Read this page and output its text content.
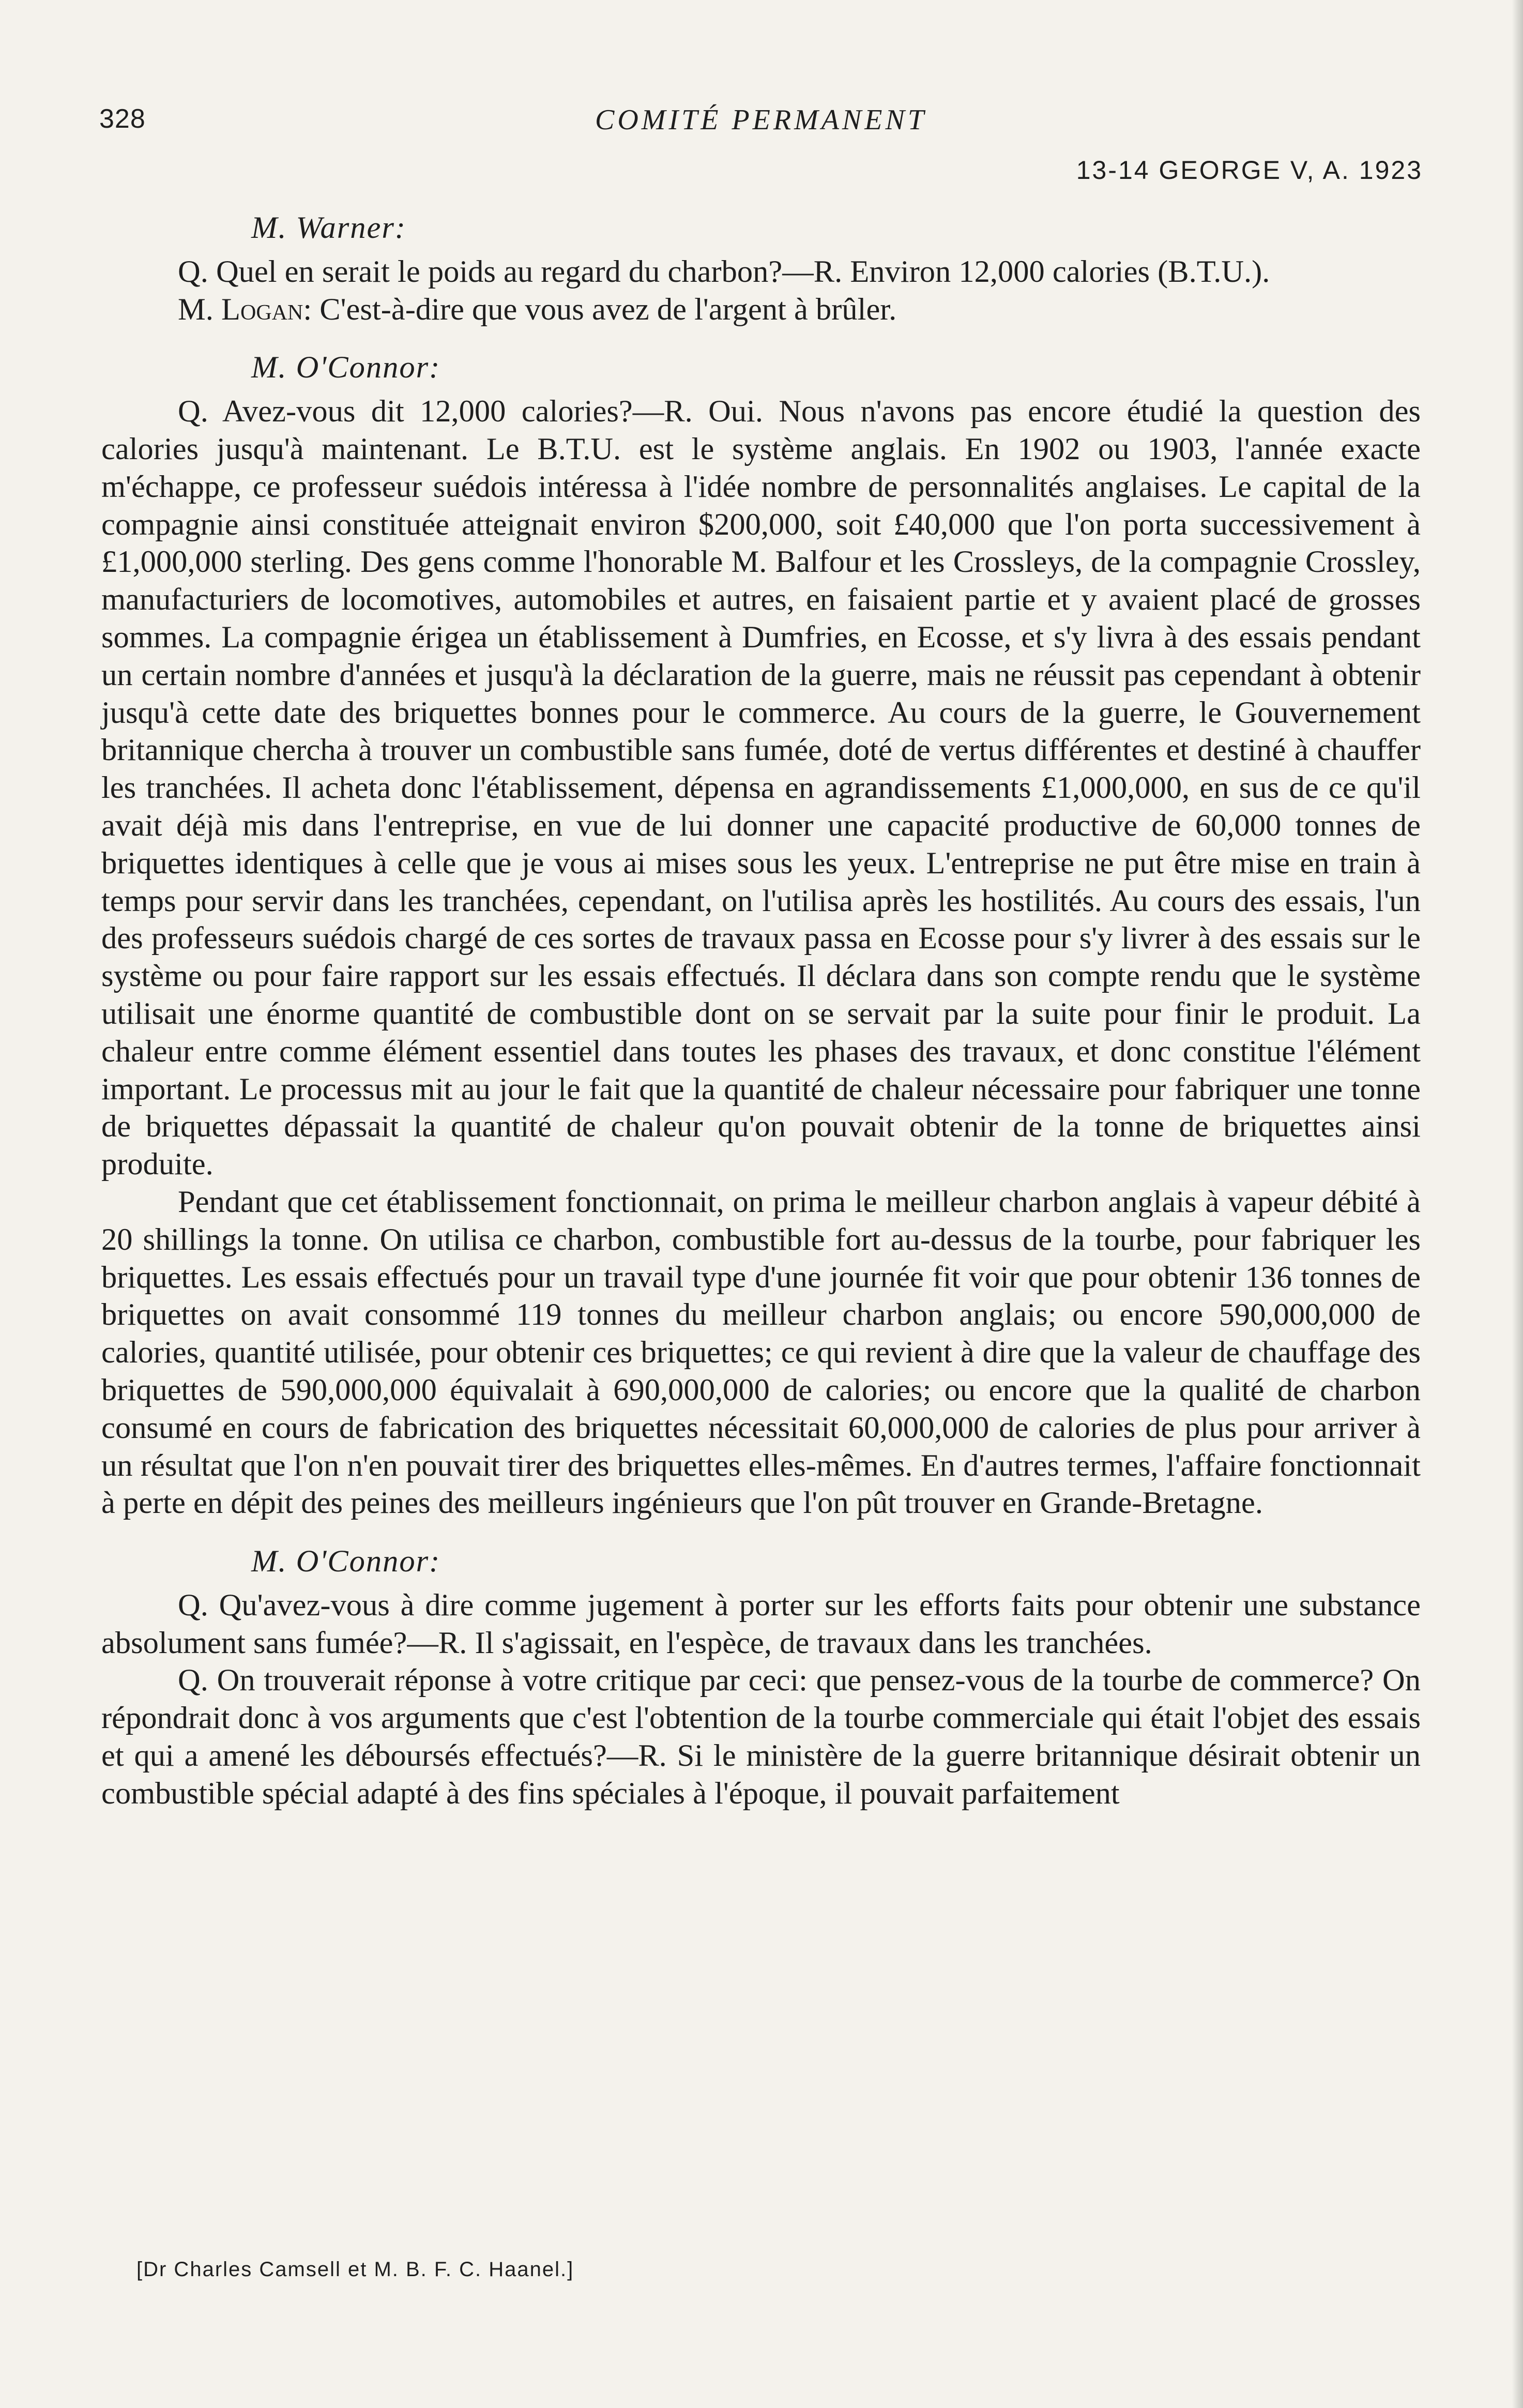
328	COMITÉ PERMANENT
13-14 GEORGE V, A. 1923

M. Warner:

Q. Quel en serait le poids au regard du charbon?—R. Environ 12,000 calories (B.T.U.).

M. Logan: C'est-à-dire que vous avez de l'argent à brûler.

M. O'Connor:

Q. Avez-vous dit 12,000 calories?—R. Oui. Nous n'avons pas encore étudié la question des calories jusqu'à maintenant. Le B.T.U. est le système anglais. En 1902 ou 1903, l'année exacte m'échappe, ce professeur suédois intéressa à l'idée nombre de personnalités anglaises. Le capital de la compagnie ainsi constituée atteignait environ $200,000, soit £40,000 que l'on porta successivement à £1,000,000 sterling. Des gens comme l'honorable M. Balfour et les Crossleys, de la compagnie Crossley, manufacturiers de locomotives, automobiles et autres, en faisaient partie et y avaient placé de grosses sommes. La compagnie érigea un établissement à Dumfries, en Ecosse, et s'y livra à des essais pendant un certain nombre d'années et jusqu'à la déclaration de la guerre, mais ne réussit pas cependant à obtenir jusqu'à cette date des briquettes bonnes pour le commerce. Au cours de la guerre, le Gouvernement britannique chercha à trouver un combustible sans fumée, doté de vertus différentes et destiné à chauffer les tranchées. Il acheta donc l'établissement, dépensa en agrandissements £1,000,000, en sus de ce qu'il avait déjà mis dans l'entreprise, en vue de lui donner une capacité productive de 60,000 tonnes de briquettes identiques à celle que je vous ai mises sous les yeux. L'entreprise ne put être mise en train à temps pour servir dans les tranchées, cependant, on l'utilisa après les hostilités. Au cours des essais, l'un des professeurs suédois chargé de ces sortes de travaux passa en Ecosse pour s'y livrer à des essais sur le système ou pour faire rapport sur les essais effectués. Il déclara dans son compte rendu que le système utilisait une énorme quantité de combustible dont on se servait par la suite pour finir le produit. La chaleur entre comme élément essentiel dans toutes les phases des travaux, et donc constitue l'élément important. Le processus mit au jour le fait que la quantité de chaleur nécessaire pour fabriquer une tonne de briquettes dépassait la quantité de chaleur qu'on pouvait obtenir de la tonne de briquettes ainsi produite.

Pendant que cet établissement fonctionnait, on prima le meilleur charbon anglais à vapeur débité à 20 shillings la tonne. On utilisa ce charbon, combustible fort au-dessus de la tourbe, pour fabriquer les briquettes. Les essais effectués pour un travail type d'une journée fit voir que pour obtenir 136 tonnes de briquettes on avait consommé 119 tonnes du meilleur charbon anglais; ou encore 590,000,000 de calories, quantité utilisée, pour obtenir ces briquettes; ce qui revient à dire que la valeur de chauffage des briquettes de 590,000,000 équivalait à 690,000,000 de calories; ou encore que la qualité de charbon consumé en cours de fabrication des briquettes nécessitait 60,000,000 de calories de plus pour arriver à un résultat que l'on n'en pouvait tirer des briquettes elles-mêmes. En d'autres termes, l'affaire fonctionnait à perte en dépit des peines des meilleurs ingénieurs que l'on pût trouver en Grande-Bretagne.

M. O'Connor:

Q. Qu'avez-vous à dire comme jugement à porter sur les efforts faits pour obtenir une substance absolument sans fumée?—R. Il s'agissait, en l'espèce, de travaux dans les tranchées.

Q. On trouverait réponse à votre critique par ceci: que pensez-vous de la tourbe de commerce? On répondrait donc à vos arguments que c'est l'obtention de la tourbe commerciale qui était l'objet des essais et qui a amené les déboursés effectués?—R. Si le ministère de la guerre britannique désirait obtenir un combustible spécial adapté à des fins spéciales à l'époque, il pouvait parfaitement

[Dr Charles Camsell et M. B. F. C. Haanel.]
